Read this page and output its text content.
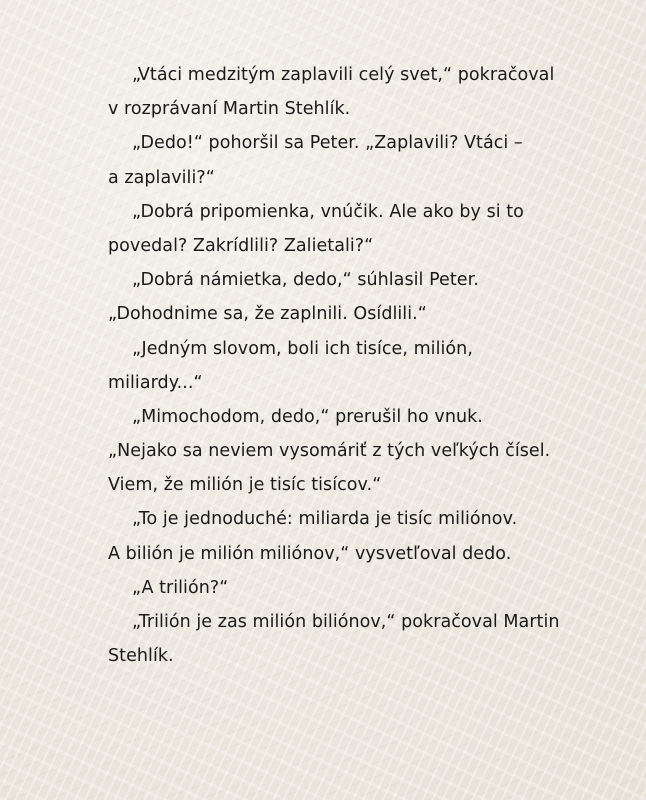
„Vtáci medzitým zaplavili celý svet,“ pokračoval
v rozprávaní Martin Stehlík.
„Dedo!“ pohoršil sa Peter. „Zaplavili? Vtáci –
a zaplavili?“
„Dobrá pripomienka, vnúčik. Ale ako by si to
povedal? Zakrídlili? Zalietali?“
„Dobrá námietka, dedo,“ súhlasil Peter.
„Dohodnime sa, že zaplnili. Osídlili.“
„Jedným slovom, boli ich tisíce, milión,
miliardy...“
„Mimochodom, dedo,“ prerušil ho vnuk.
„Nejako sa neviem vysomáriť z tých veľkých čísel.
Viem, že milión je tisíc tisícov.“
„To je jednoduché: miliarda je tisíc miliónov.
A bilión je milión miliónov,“ vysvetľoval dedo.
„A trilión?“
„Trilión je zas milión biliónov,“ pokračoval Martin
Stehlík.
